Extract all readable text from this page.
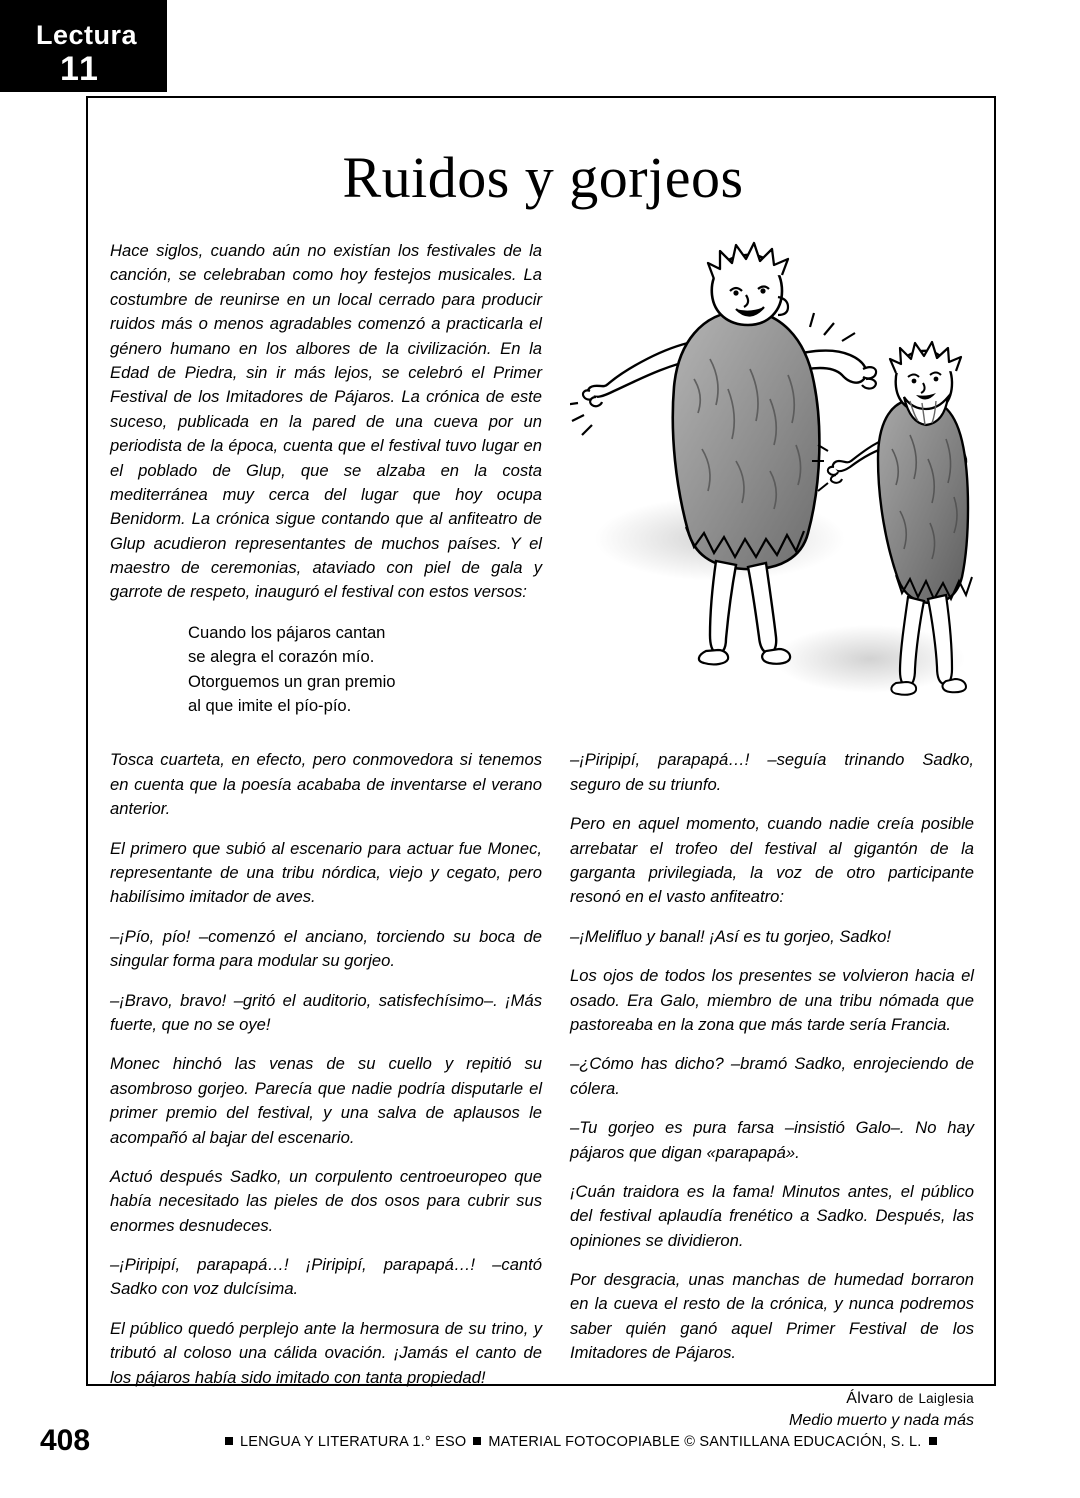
Lectura
11
Ruidos y gorjeos

Hace siglos, cuando aún no existían los festivales de la canción, se celebraban como hoy festejos musicales. La costumbre de reunirse en un local cerrado para producir ruidos más o menos agradables comenzó a practicarla el género humano en los albores de la civilización. En la Edad de Piedra, sin ir más lejos, se celebró el Primer Festival de los Imitadores de Pájaros. La crónica de este suceso, publicada en la pared de una cueva por un periodista de la época, cuenta que el festival tuvo lugar en el poblado de Glup, que se alzaba en la costa mediterránea muy cerca del lugar que hoy ocupa Benidorm. La crónica sigue contando que al anfiteatro de Glup acudieron representantes de muchos países. Y el maestro de ceremonias, ataviado con piel de gala y garrote de respeto, inauguró el festival con estos versos:

Cuando los pájaros cantan
se alegra el corazón mío.
Otorguemos un gran premio
al que imite el pío-pío.

Tosca cuarteta, en efecto, pero conmovedora si tenemos en cuenta que la poesía acababa de inventarse el verano anterior.

El primero que subió al escenario para actuar fue Monec, representante de una tribu nórdica, viejo y cegato, pero habilísimo imitador de aves.

–¡Pío, pío! –comenzó el anciano, torciendo su boca de singular forma para modular su gorjeo.

–¡Bravo, bravo! –gritó el auditorio, satisfechísimo–. ¡Más fuerte, que no se oye!

Monec hinchó las venas de su cuello y repitió su asombroso gorjeo. Parecía que nadie podría disputarle el primer premio del festival, y una salva de aplausos le acompañó al bajar del escenario.

Actuó después Sadko, un corpulento centroeuropeo que había necesitado las pieles de dos osos para cubrir sus enormes desnudeces.

–¡Piripipí, parapapá…! ¡Piripipí, parapapá…! –cantó Sadko con voz dulcísima.

El público quedó perplejo ante la hermosura de su trino, y tributó al coloso una cálida ovación. ¡Jamás el canto de los pájaros había sido imitado con tanta propiedad!

–¡Piripipí, parapapá…! –seguía trinando Sadko, seguro de su triunfo.

Pero en aquel momento, cuando nadie creía posible arrebatar el trofeo del festival al gigantón de la garganta privilegiada, la voz de otro participante resonó en el vasto anfiteatro:

–¡Melifluo y banal! ¡Así es tu gorjeo, Sadko!

Los ojos de todos los presentes se volvieron hacia el osado. Era Galo, miembro de una tribu nómada que pastoreaba en la zona que más tarde sería Francia.

–¿Cómo has dicho? –bramó Sadko, enrojeciendo de cólera.

–Tu gorjeo es pura farsa –insistió Galo–. No hay pájaros que digan «parapapá».

¡Cuán traidora es la fama! Minutos antes, el público del festival aplaudía frenético a Sadko. Después, las opiniones se dividieron.

Por desgracia, unas manchas de humedad borraron en la cueva el resto de la crónica, y nunca podremos saber quién ganó aquel Primer Festival de los Imitadores de Pájaros.

Álvaro de Laiglesia
Medio muerto y nada más
408	LENGUA Y LITERATURA 1.° ESO MATERIAL FOTOCOPIABLE © SANTILLANA EDUCACIÓN, S. L.
